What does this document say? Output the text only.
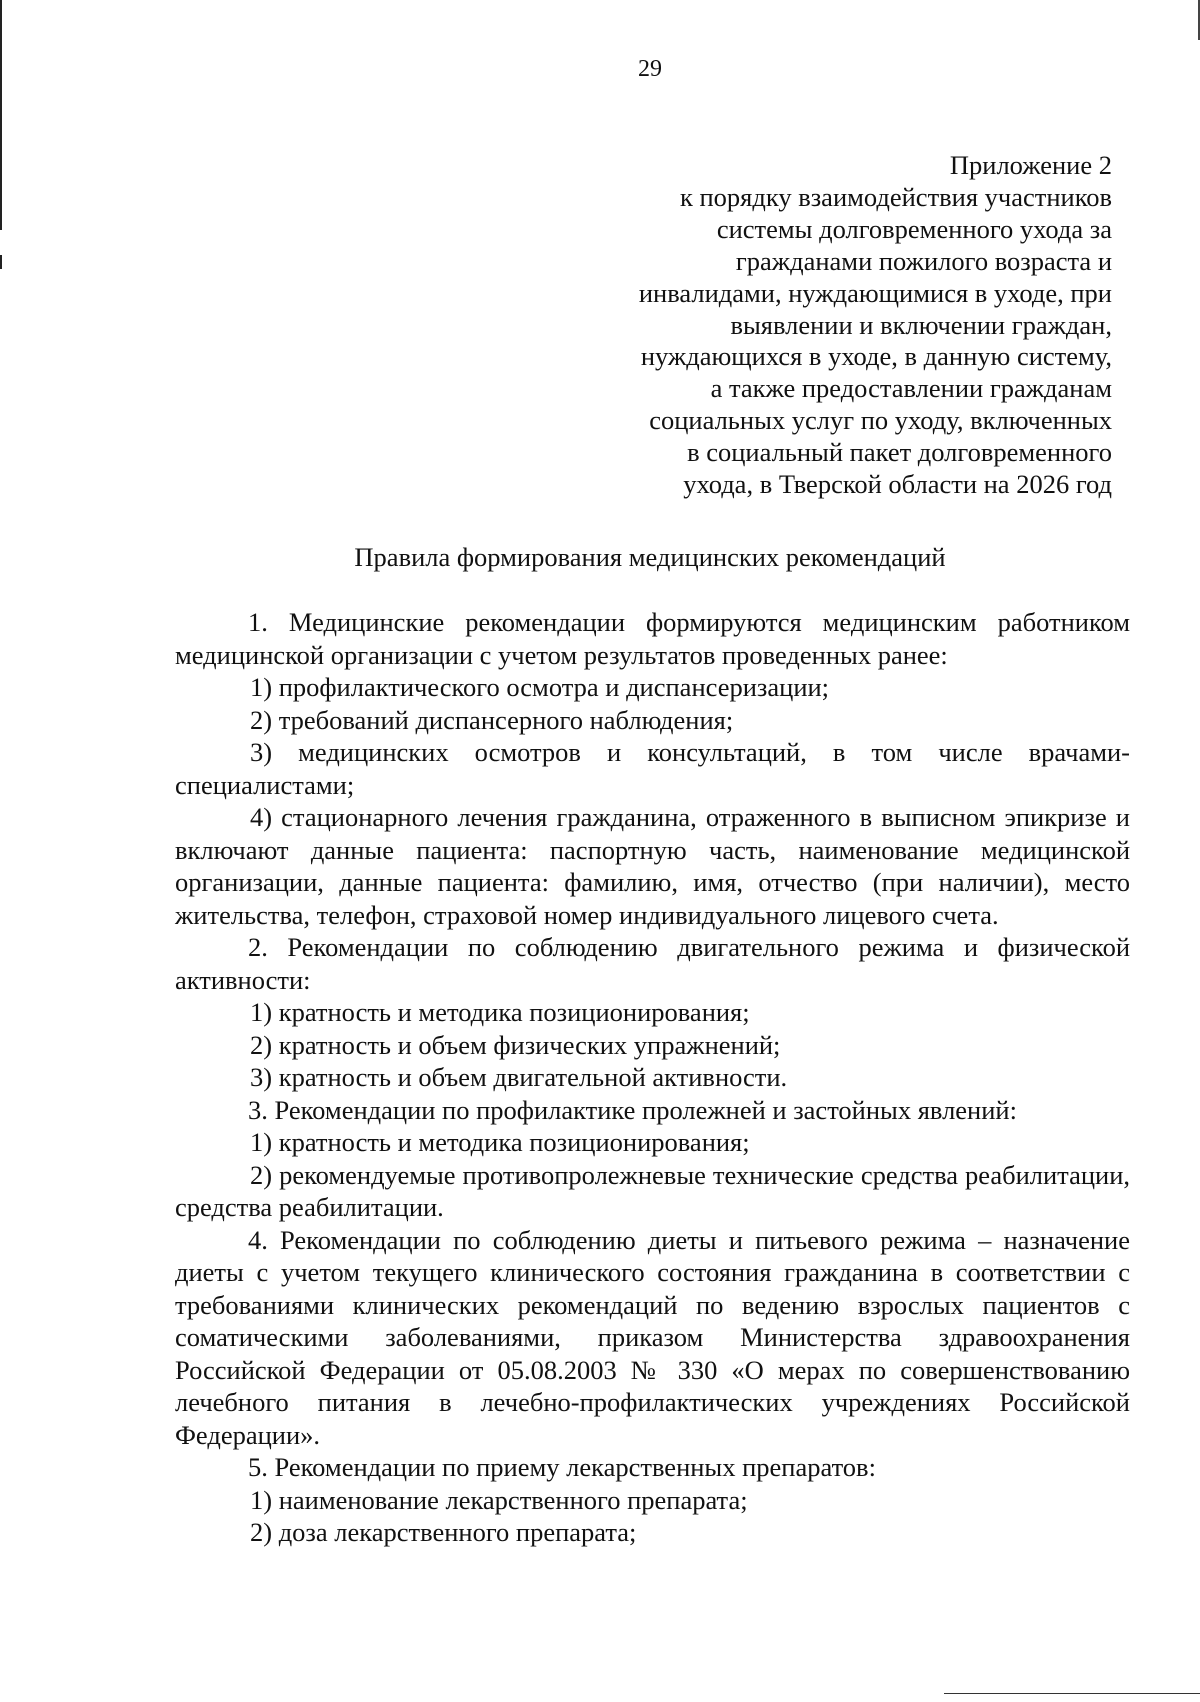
29
Приложение 2
к порядку взаимодействия участников
системы долговременного ухода за
гражданами пожилого возраста и
инвалидами, нуждающимися в уходе, при
выявлении и включении граждан,
нуждающихся в уходе, в данную систему,
а также предоставлении гражданам
социальных услуг по уходу, включенных
в социальный пакет долговременного
ухода, в Тверской области на 2026 год
Правила формирования медицинских рекомендаций

1. Медицинские рекомендации формируются медицинским работником медицинской организации с учетом результатов проведенных ранее:

1) профилактического осмотра и диспансеризации;

2) требований диспансерного наблюдения;

3) медицинских осмотров и консультаций, в том числе врачами-специалистами;

4) стационарного лечения гражданина, отраженного в выписном эпикризе и включают данные пациента: паспортную часть, наименование медицинской организации, данные пациента: фамилию, имя, отчество (при наличии), место жительства, телефон, страховой номер индивидуального лицевого счета.

2. Рекомендации по соблюдению двигательного режима и физической активности:

1) кратность и методика позиционирования;

2) кратность и объем физических упражнений;

3) кратность и объем двигательной активности.

3. Рекомендации по профилактике пролежней и застойных явлений:

1) кратность и методика позиционирования;

2) рекомендуемые противопролежневые технические средства реабилитации, средства реабилитации.

4. Рекомендации по соблюдению диеты и питьевого режима – назначение диеты с учетом текущего клинического состояния гражданина в соответствии с требованиями клинических рекомендаций по ведению взрослых пациентов с соматическими заболеваниями, приказом Министерства здравоохранения Российской Федерации от 05.08.2003 № 330 «О мерах по совершенствованию лечебного питания в лечебно-профилактических учреждениях Российской Федерации».

5. Рекомендации по приему лекарственных препаратов:

1) наименование лекарственного препарата;

2) доза лекарственного препарата;
